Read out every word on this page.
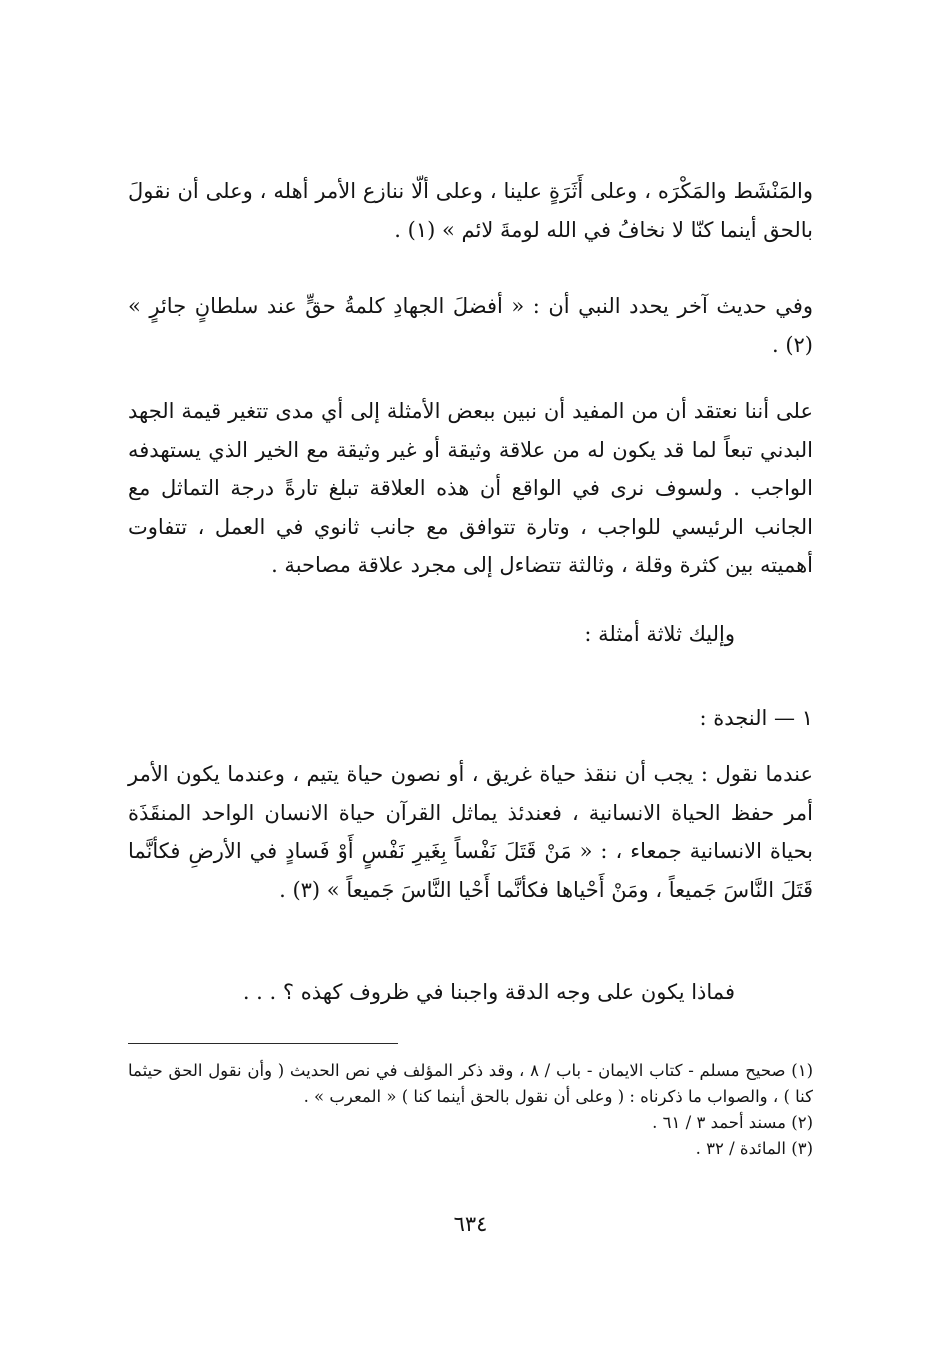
والمَنْشَط والمَكْرَه ، وعلى أَثَرَةٍ علينا ، وعلى ألّا ننازع الأمر أهله ، وعلى أن نقولَ بالحق أينما كنّا لا نخافُ في الله لومةَ لائم » (١) .

وفي حديث آخر يحدد النبي أن : « أفضلَ الجهادِ كلمةُ حقٍّ عند سلطانٍ جائرٍ » (٢) .

على أننا نعتقد أن من المفيد أن نبين ببعض الأمثلة إلى أي مدى تتغير قيمة الجهد البدني تبعاً لما قد يكون له من علاقة وثيقة أو غير وثيقة مع الخير الذي يستهدفه الواجب . ولسوف نرى في الواقع أن هذه العلاقة تبلغ تارةً درجة التماثل مع الجانب الرئيسي للواجب ، وتارة تتوافق مع جانب ثانوي في العمل ، تتفاوت أهميته بين كثرة وقلة ، وثالثة تتضاءل إلى مجرد علاقة مصاحبة .

وإليك ثلاثة أمثلة :

١ — النجدة :

عندما نقول : يجب أن ننقذ حياة غريق ، أو نصون حياة يتيم ، وعندما يكون الأمر أمر حفظ الحياة الانسانية ، فعندئذ يماثل القرآن حياة الانسان الواحد المنقَذَة بحياة الانسانية جمعاء ، : « مَنْ قَتَلَ نَفْساً بِغَيرِ نَفْسٍ أَوْ فَسادٍ في الأرضِ فكأنَّما قَتَلَ النَّاسَ جَميعاً ، ومَنْ أَحْياها فكأنَّما أَحْيا النَّاسَ جَميعاً » (٣) .

فماذا يكون على وجه الدقة واجبنا في ظروف كهذه ؟ . . .

(١) صحيح مسلم - كتاب الايمان - باب / ٨ ، وقد ذكر المؤلف في نص الحديث ( وأن نقول الحق حيثما كنا ) ، والصواب ما ذكرناه : ( وعلى أن نقول بالحق أينما كنا ) « المعرب » .
(٢) مسند أحمد ٣ / ٦١ .
(٣) المائدة / ٣٢ .
٦٣٤
